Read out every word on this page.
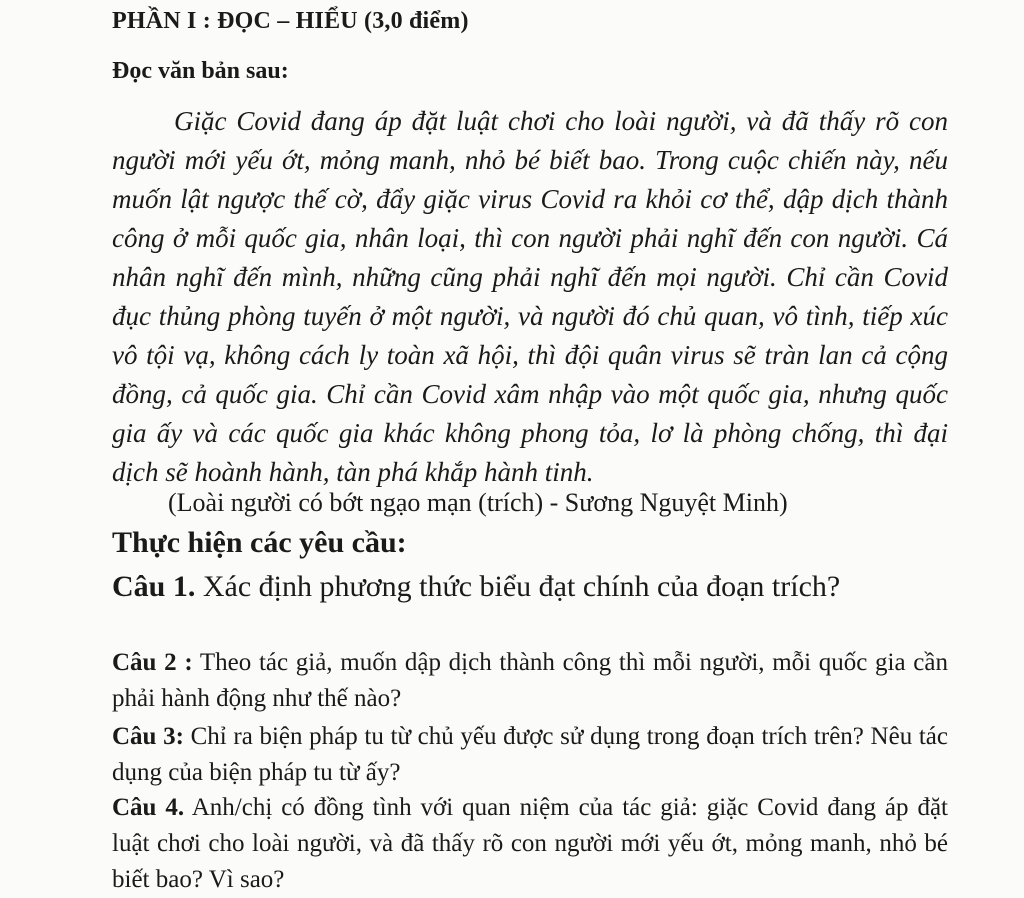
PHẦN I : ĐỌC – HIỂU (3,0 điểm)
Đọc văn bản sau:

Giặc Covid đang áp đặt luật chơi cho loài người, và đã thấy rõ con người mới yếu ớt, mỏng manh, nhỏ bé biết bao. Trong cuộc chiến này, nếu muốn lật ngược thế cờ, đẩy giặc virus Covid ra khỏi cơ thể, dập dịch thành công ở mỗi quốc gia, nhân loại, thì con người phải nghĩ đến con người. Cá nhân nghĩ đến mình, những cũng phải nghĩ đến mọi người. Chỉ cần Covid đục thủng phòng tuyến ở một người, và người đó chủ quan, vô tình, tiếp xúc vô tội vạ, không cách ly toàn xã hội, thì đội quân virus sẽ tràn lan cả cộng đồng, cả quốc gia. Chỉ cần Covid xâm nhập vào một quốc gia, nhưng quốc gia ấy và các quốc gia khác không phong tỏa, lơ là phòng chống, thì đại dịch sẽ hoành hành, tàn phá khắp hành tinh.

(Loài người có bớt ngạo mạn (trích) - Sương Nguyệt Minh)
Thực hiện các yêu cầu:

Câu 1. Xác định phương thức biểu đạt chính của đoạn trích?

Câu 2 : Theo tác giả, muốn dập dịch thành công thì mỗi người, mỗi quốc gia cần phải hành động như thế nào?

Câu 3: Chỉ ra biện pháp tu từ chủ yếu được sử dụng trong đoạn trích trên? Nêu tác dụng của biện pháp tu từ ấy?

Câu 4. Anh/chị có đồng tình với quan niệm của tác giả: giặc Covid đang áp đặt luật chơi cho loài người, và đã thấy rõ con người mới yếu ớt, mỏng manh, nhỏ bé biết bao? Vì sao?
